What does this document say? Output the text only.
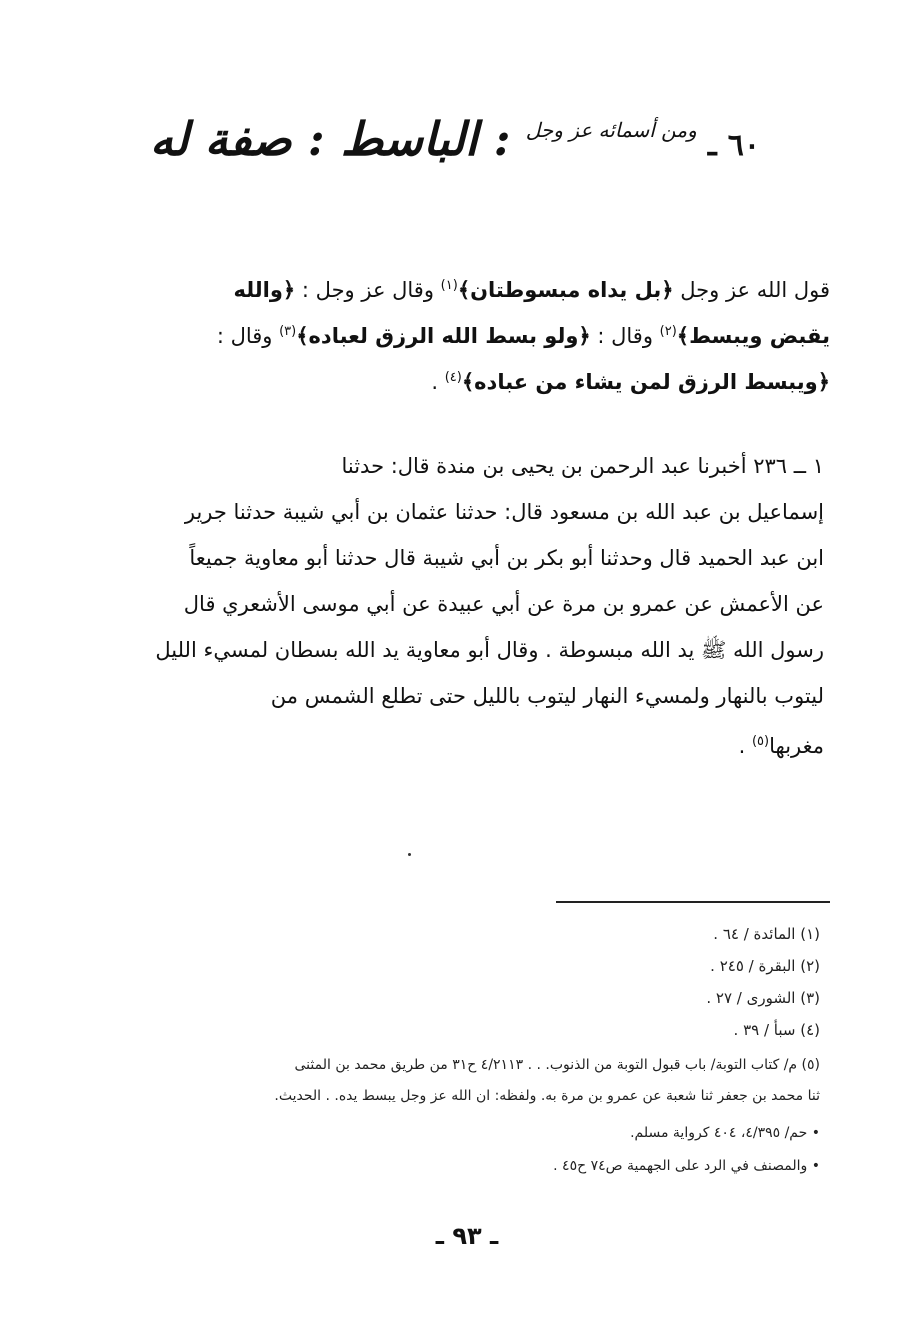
٦٠ ـ ومن أسمائه عز وجل : الباسط : صفة له
قول الله عز وجل ﴿بل يداه مبسوطتان﴾$^{(١)}$ وقال عز وجل : ﴿والله
يقبض ويبسط﴾$^{(٢)}$ وقال : ﴿ولو بسط الله الرزق لعباده﴾$^{(٣)}$ وقال :
﴿ويبسط الرزق لمن يشاء من عباده﴾$^{(٤)}$ .
١ ــ ٢٣٦ أخبرنا عبد الرحمن بن يحيى بن مندة قال: حدثنا
إسماعيل بن عبد الله بن مسعود قال: حدثنا عثمان بن أبي شيبة حدثنا جرير
ابن عبد الحميد قال وحدثنا أبو بكر بن أبي شيبة قال حدثنا أبو معاوية جميعاً
عن الأعمش عن عمرو بن مرة عن أبي عبيدة عن أبي موسى الأشعري قال
رسول الله ﷺ يد الله مبسوطة . وقال أبو معاوية يد الله بسطان لمسيء الليل
ليتوب بالنهار ولمسيء النهار ليتوب بالليل حتى تطلع الشمس من
مغربها$^{(٥)}$ .
(١) المائدة / ٦٤ .
(٢) البقرة / ٢٤٥ .
(٣) الشورى / ٢٧ .
(٤) سبأ / ٣٩ .
(٥) م/ كتاب التوبة/ باب قبول التوبة من الذنوب. . . ٤/٢١١٣ ح٣١ من طريق محمد بن المثنى
ثنا محمد بن جعفر ثنا شعبة عن عمرو بن مرة به. ولفظه: ان الله عز وجل يبسط يده. . الحديث.
• حم/ ٤/٣٩٥، ٤٠٤ كرواية مسلم.
• والمصنف في الرد على الجهمية ص٧٤ ح٤٥ .
ـ ٩٣ ـ
